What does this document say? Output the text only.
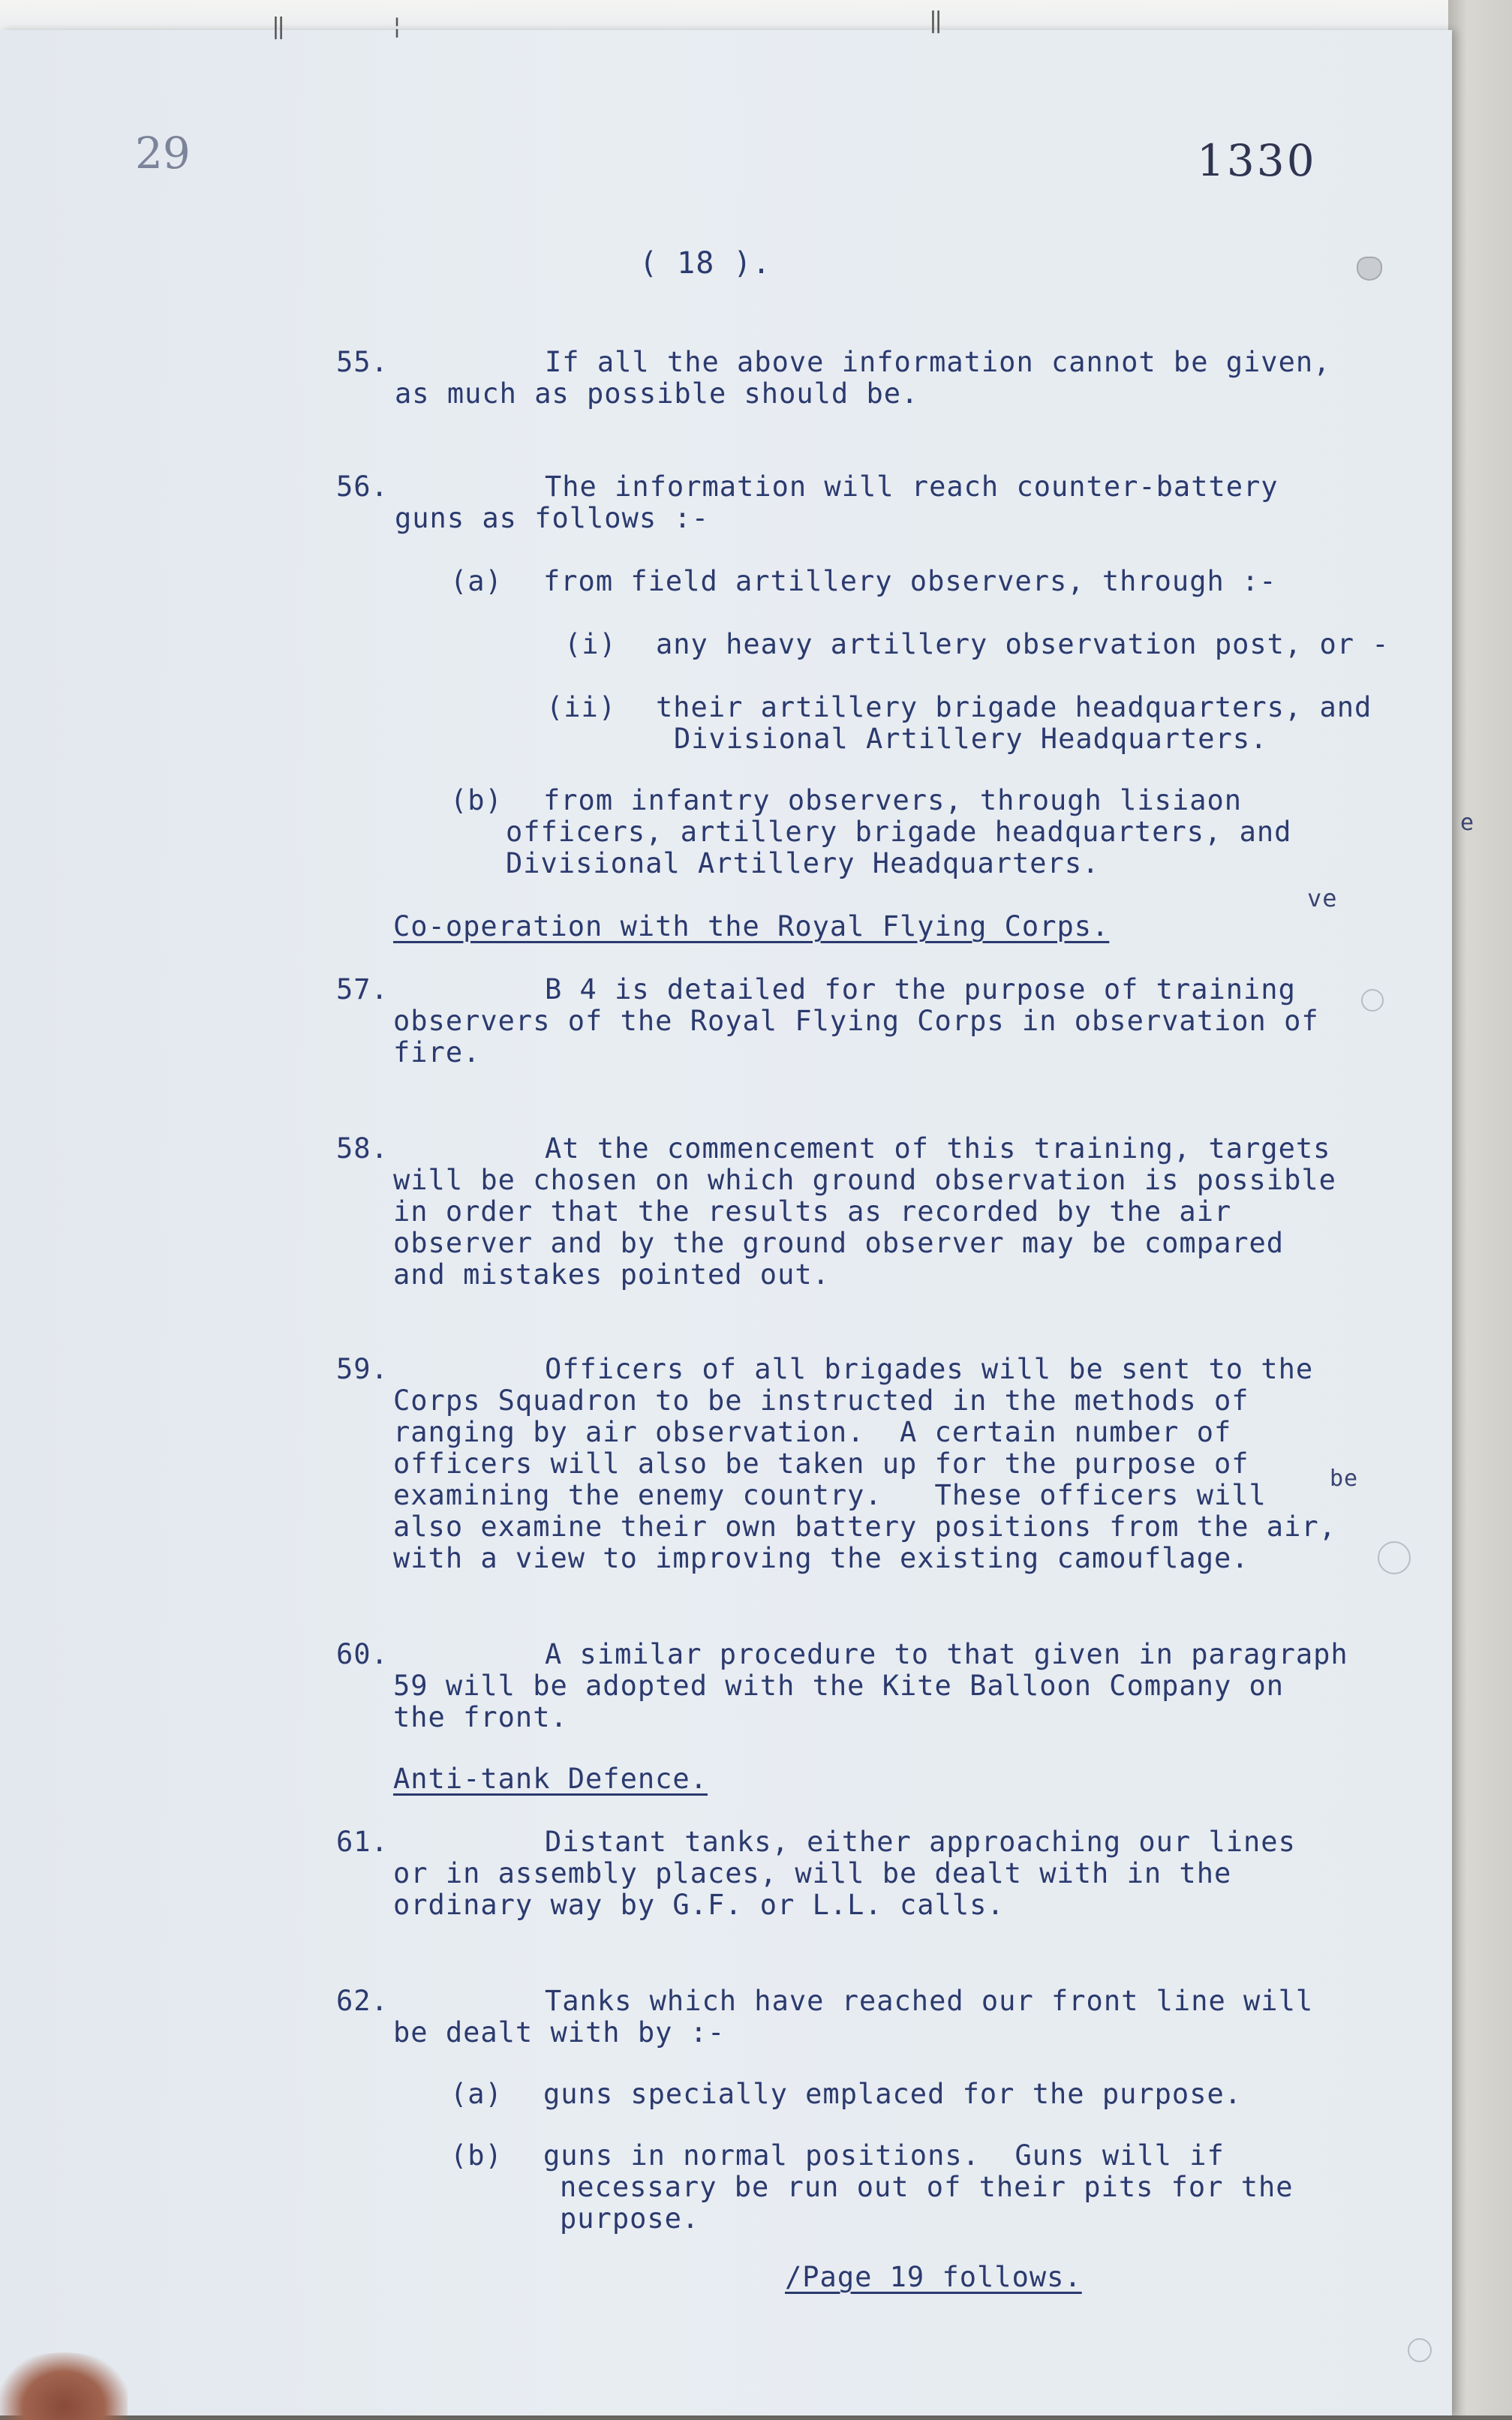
‖	¦	‖
29	1330
( 18 ).
55.	If all the above information cannot be given,
as much as possible should be.
56.	The information will reach counter-battery
guns as follows :-
(a) from field artillery observers, through :-
(i) any heavy artillery observation post, or -
(ii) their artillery brigade headquarters, and
Divisional Artillery Headquarters.
(b) from infantry observers, through lisiaon
officers, artillery brigade headquarters, and
Divisional Artillery Headquarters.
ve
Co-operation with the Royal Flying Corps.
57.	B 4 is detailed for the purpose of training
observers of the Royal Flying Corps in observation of
fire.
58.	At the commencement of this training, targets
will be chosen on which ground observation is possible
in order that the results as recorded by the air
observer and by the ground observer may be compared
and mistakes pointed out.
59.	Officers of all brigades will be sent to the
Corps Squadron to be instructed in the methods of
ranging by air observation.  A certain number of
officers will also be taken up for the purpose of
examining the enemy country.   These officers will
also examine their own battery positions from the air,
with a view to improving the existing camouflage.
be
60.	A similar procedure to that given in paragraph
59 will be adopted with the Kite Balloon Company on
the front.
Anti-tank Defence.
61.	Distant tanks, either approaching our lines
or in assembly places, will be dealt with in the
ordinary way by G.F. or L.L. calls.
62.	Tanks which have reached our front line will
be dealt with by :-
(a) guns specially emplaced for the purpose.
(b) guns in normal positions.  Guns will if
necessary be run out of their pits for the
purpose.
/Page 19 follows.
e
